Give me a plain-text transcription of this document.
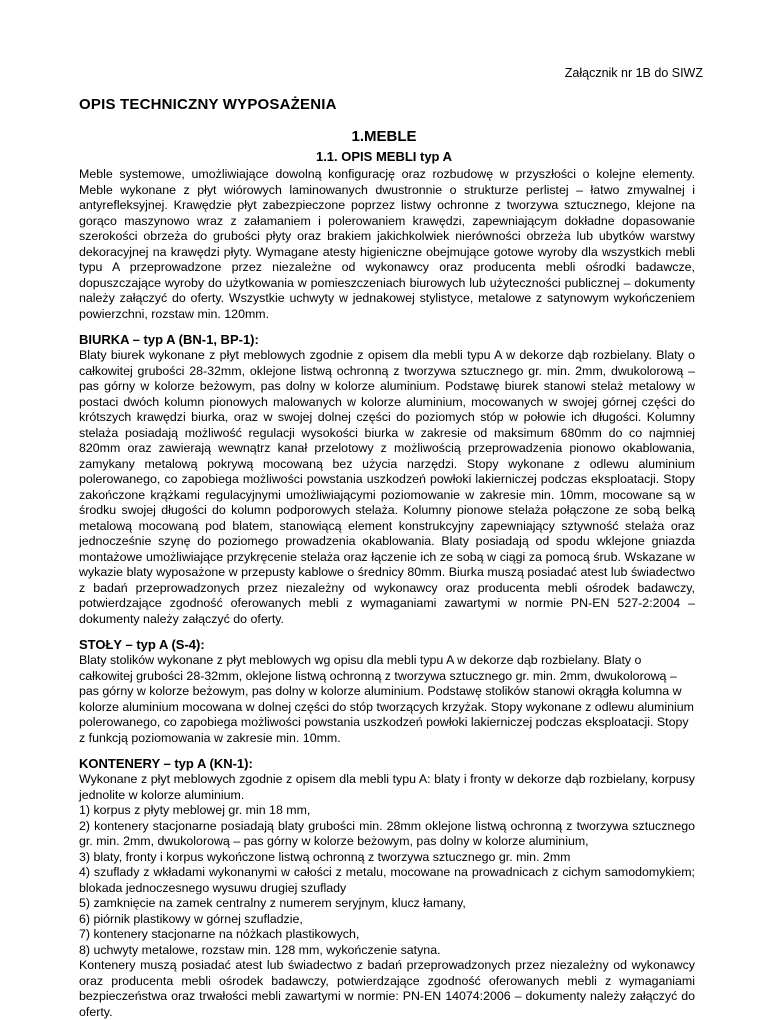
Załącznik nr 1B do SIWZ
OPIS TECHNICZNY WYPOSAŻENIA
1.MEBLE
1.1. OPIS MEBLI typ A

Meble systemowe, umożliwiające dowolną konfigurację oraz rozbudowę w przyszłości o kolejne elementy. Meble wykonane z płyt wiórowych laminowanych dwustronnie o strukturze perlistej – łatwo zmywalnej i antyrefleksyjnej. Krawędzie płyt zabezpieczone poprzez listwy ochronne z tworzywa sztucznego, klejone na gorąco maszynowo wraz z załamaniem i polerowaniem krawędzi, zapewniającym dokładne dopasowanie szerokości obrzeża do grubości płyty oraz brakiem jakichkolwiek nierówności obrzeża lub ubytków warstwy dekoracyjnej na krawędzi płyty. Wymagane atesty higieniczne obejmujące gotowe wyroby dla wszystkich mebli typu A przeprowadzone przez niezależne od wykonawcy oraz producenta mebli ośrodki badawcze, dopuszczające wyroby do użytkowania w pomieszczeniach biurowych lub użyteczności publicznej – dokumenty należy załączyć do oferty. Wszystkie uchwyty w jednakowej stylistyce, metalowe z satynowym wykończeniem powierzchni, rozstaw min. 120mm.

BIURKA – typ A (BN-1, BP-1):

Blaty biurek wykonane z płyt meblowych zgodnie z opisem dla mebli typu A w dekorze dąb rozbielany. Blaty o całkowitej grubości 28-32mm, oklejone listwą ochronną z tworzywa sztucznego gr. min. 2mm, dwukolorową – pas górny w kolorze beżowym, pas dolny w kolorze aluminium. Podstawę biurek stanowi stelaż metalowy w postaci dwóch kolumn pionowych malowanych w kolorze aluminium, mocowanych w swojej górnej części do krótszych krawędzi biurka, oraz w swojej dolnej części do poziomych stóp w połowie ich długości. Kolumny stelaża posiadają możliwość regulacji wysokości biurka w zakresie od maksimum 680mm do co najmniej 820mm oraz zawierają wewnątrz kanał przelotowy z możliwością przeprowadzenia pionowo okablowania, zamykany metalową pokrywą mocowaną bez użycia narzędzi. Stopy wykonane z odlewu aluminium polerowanego, co zapobiega możliwości powstania uszkodzeń powłoki lakierniczej podczas eksploatacji. Stopy zakończone krążkami regulacyjnymi umożliwiającymi poziomowanie w zakresie min. 10mm, mocowane są w środku swojej długości do kolumn podporowych stelaża. Kolumny pionowe stelaża połączone ze sobą belką metalową mocowaną pod blatem, stanowiącą element konstrukcyjny zapewniający sztywność stelaża oraz jednocześnie szynę do poziomego prowadzenia okablowania. Blaty posiadają od spodu wklejone gniazda montażowe umożliwiające przykręcenie stelaża oraz łączenie ich ze sobą w ciągi za pomocą śrub. Wskazane w wykazie blaty wyposażone w przepusty kablowe o średnicy 80mm. Biurka muszą posiadać atest lub świadectwo z badań przeprowadzonych przez niezależny od wykonawcy oraz producenta mebli ośrodek badawczy, potwierdzające zgodność oferowanych mebli z wymaganiami zawartymi w normie PN-EN 527-2:2004 – dokumenty należy załączyć do oferty.

STOŁY – typ A (S-4):

Blaty stolików wykonane z płyt meblowych wg opisu dla mebli typu A w dekorze dąb rozbielany. Blaty o całkowitej grubości 28-32mm, oklejone listwą ochronną z tworzywa sztucznego gr. min. 2mm, dwukolorową – pas górny w kolorze beżowym, pas dolny w kolorze aluminium. Podstawę stolików stanowi okrągła kolumna w kolorze aluminium mocowana w dolnej części do stóp tworzących krzyżak. Stopy wykonane z odlewu aluminium polerowanego, co zapobiega możliwości powstania uszkodzeń powłoki lakierniczej podczas eksploatacji. Stopy z funkcją poziomowania w zakresie min. 10mm.

KONTENERY – typ A (KN-1):

Wykonane z płyt meblowych zgodnie z opisem dla mebli typu A: blaty i fronty w dekorze dąb rozbielany, korpusy jednolite w kolorze aluminium.

1) korpus z płyty meblowej gr. min 18 mm,
2) kontenery stacjonarne posiadają blaty grubości min. 28mm oklejone listwą ochronną z tworzywa sztucznego gr. min. 2mm, dwukolorową – pas górny w kolorze beżowym, pas dolny w kolorze aluminium,
3) blaty, fronty i korpus wykończone listwą ochronną z tworzywa sztucznego gr. min. 2mm
4) szuflady z wkładami wykonanymi w całości z metalu, mocowane na prowadnicach z cichym samodomykiem; blokada jednoczesnego wysuwu drugiej szuflady
5) zamknięcie na zamek centralny z numerem seryjnym, klucz łamany,
6) piórnik plastikowy w górnej szufladzie,
7) kontenery stacjonarne na nóżkach plastikowych,
8) uchwyty metalowe, rozstaw min. 128 mm, wykończenie satyna.

Kontenery muszą posiadać atest lub świadectwo z badań przeprowadzonych przez niezależny od wykonawcy oraz producenta mebli ośrodek badawczy, potwierdzające zgodność oferowanych mebli z wymaganiami bezpieczeństwa oraz trwałości mebli zawartymi w normie: PN-EN 14074:2006 – dokumenty należy załączyć do oferty.
